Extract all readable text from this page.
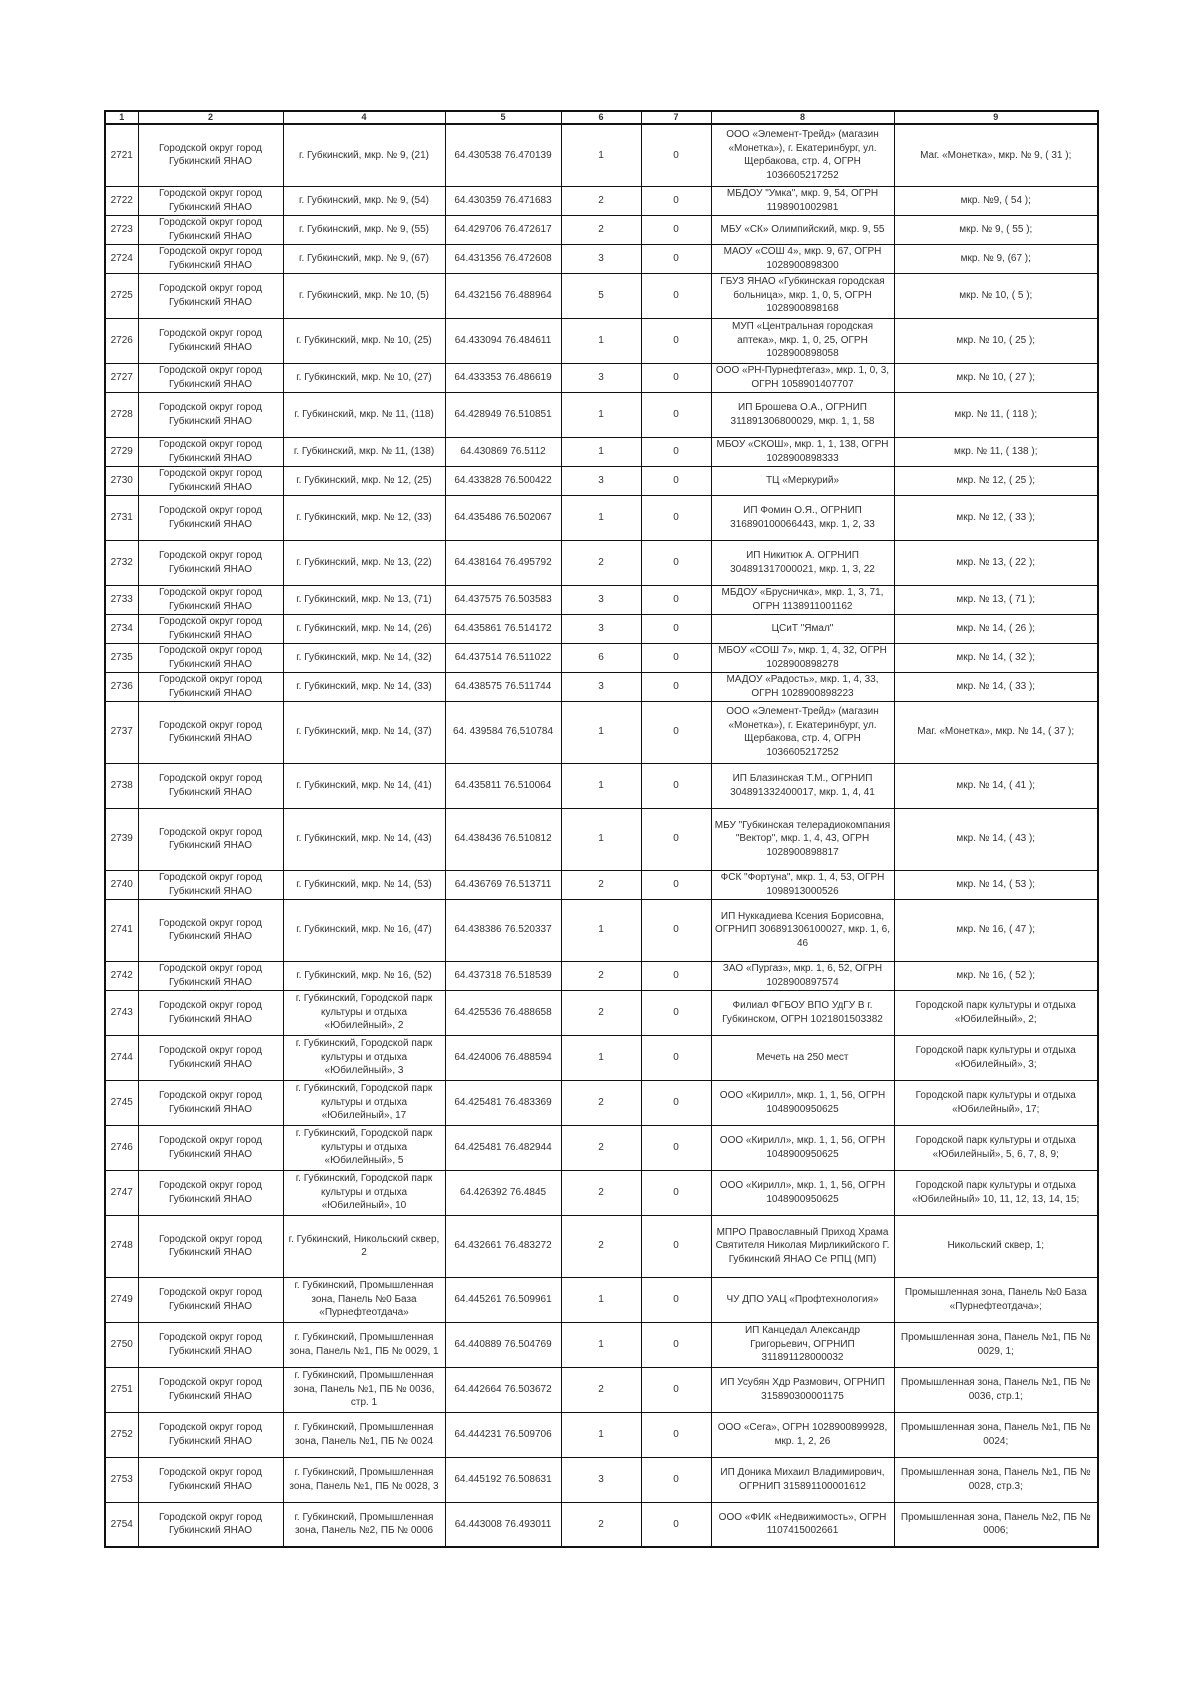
1	2	4	5	6	7	8	9
2721	Городской округ город Губкинский ЯНАО	г. Губкинский, мкр. № 9, (21)	64.430538 76.470139	1	0	ООО «Элемент-Трейд» (магазин «Монетка»), г. Екатеринбург, ул. Щербакова, стр. 4, ОГРН 1036605217252	Маг. «Монетка», мкр. № 9, ( 31 );
2722	Городской округ город Губкинский ЯНАО	г. Губкинский, мкр. № 9, (54)	64.430359 76.471683	2	0	МБДОУ "Умка", мкр. 9, 54, ОГРН 1198901002981	мкр. №9, ( 54 );
2723	Городской округ город Губкинский ЯНАО	г. Губкинский, мкр. № 9, (55)	64.429706 76.472617	2	0	МБУ «СК» Олимпийский, мкр. 9, 55	мкр. № 9, ( 55 );
2724	Городской округ город Губкинский ЯНАО	г. Губкинский, мкр. № 9, (67)	64.431356 76.472608	3	0	МАОУ «СОШ 4», мкр. 9, 67, ОГРН 1028900898300	мкр. № 9, (67 );
2725	Городской округ город Губкинский ЯНАО	г. Губкинский, мкр. № 10, (5)	64.432156 76.488964	5	0	ГБУЗ ЯНАО «Губкинская городская больница», мкр. 1, 0, 5, ОГРН 1028900898168	мкр. № 10, ( 5 );
2726	Городской округ город Губкинский ЯНАО	г. Губкинский, мкр. № 10, (25)	64.433094 76.484611	1	0	МУП «Центральная городская аптека», мкр. 1, 0, 25, ОГРН 1028900898058	мкр. № 10, ( 25 );
2727	Городской округ город Губкинский ЯНАО	г. Губкинский, мкр. № 10, (27)	64.433353 76.486619	3	0	ООО «РН-Пурнефтегаз», мкр. 1, 0, 3, ОГРН 1058901407707	мкр. № 10, ( 27 );
2728	Городской округ город Губкинский ЯНАО	г. Губкинский, мкр. № 11, (118)	64.428949 76.510851	1	0	ИП Брошева О.А., ОГРНИП 311891306800029, мкр. 1, 1, 58	мкр. № 11, ( 118 );
2729	Городской округ город Губкинский ЯНАО	г. Губкинский, мкр. № 11, (138)	64.430869 76.5112	1	0	МБОУ «СКОШ», мкр. 1, 1, 138, ОГРН 1028900898333	мкр. № 11, ( 138 );
2730	Городской округ город Губкинский ЯНАО	г. Губкинский, мкр. № 12, (25)	64.433828 76.500422	3	0	ТЦ «Меркурий»	мкр. № 12, ( 25 );
2731	Городской округ город Губкинский ЯНАО	г. Губкинский, мкр. № 12, (33)	64.435486 76.502067	1	0	ИП Фомин О.Я., ОГРНИП 316890100066443, мкр. 1, 2, 33	мкр. № 12, ( 33 );
2732	Городской округ город Губкинский ЯНАО	г. Губкинский, мкр. № 13, (22)	64.438164 76.495792	2	0	ИП Никитюк А. ОГРНИП 304891317000021, мкр. 1, 3, 22	мкр. № 13, ( 22 );
2733	Городской округ город Губкинский ЯНАО	г. Губкинский, мкр. № 13, (71)	64.437575 76.503583	3	0	МБДОУ «Брусничка», мкр. 1, 3, 71, ОГРН 1138911001162	мкр. № 13, ( 71 );
2734	Городской округ город Губкинский ЯНАО	г. Губкинский, мкр. № 14, (26)	64.435861 76.514172	3	0	ЦСиТ "Ямал"	мкр. № 14, ( 26 );
2735	Городской округ город Губкинский ЯНАО	г. Губкинский, мкр. № 14, (32)	64.437514 76.511022	6	0	МБОУ «СОШ 7», мкр. 1, 4, 32, ОГРН 1028900898278	мкр. № 14, ( 32 );
2736	Городской округ город Губкинский ЯНАО	г. Губкинский, мкр. № 14, (33)	64.438575 76.511744	3	0	МАДОУ «Радость», мкр. 1, 4, 33, ОГРН 1028900898223	мкр. № 14, ( 33 );
2737	Городской округ город Губкинский ЯНАО	г. Губкинский, мкр. № 14, (37)	64. 439584 76,510784	1	0	ООО «Элемент-Трейд» (магазин «Монетка»), г. Екатеринбург, ул. Щербакова, стр. 4, ОГРН 1036605217252	Маг. «Монетка», мкр. № 14, ( 37 );
2738	Городской округ город Губкинский ЯНАО	г. Губкинский, мкр. № 14, (41)	64.435811 76.510064	1	0	ИП Блазинская Т.М., ОГРНИП 304891332400017, мкр. 1, 4, 41	мкр. № 14, ( 41 );
2739	Городской округ город Губкинский ЯНАО	г. Губкинский, мкр. № 14, (43)	64.438436 76.510812	1	0	МБУ "Губкинская телерадиокомпания "Вектор", мкр. 1, 4, 43, ОГРН 1028900898817	мкр. № 14, ( 43 );
2740	Городской округ город Губкинский ЯНАО	г. Губкинский, мкр. № 14, (53)	64.436769 76.513711	2	0	ФСК "Фортуна", мкр. 1, 4, 53, ОГРН 1098913000526	мкр. № 14, ( 53 );
2741	Городской округ город Губкинский ЯНАО	г. Губкинский, мкр. № 16, (47)	64.438386 76.520337	1	0	ИП Нуккадиева Ксения Борисовна, ОГРНИП 306891306100027, мкр. 1, 6, 46	мкр. № 16, ( 47 );
2742	Городской округ город Губкинский ЯНАО	г. Губкинский, мкр. № 16, (52)	64.437318 76.518539	2	0	ЗАО «Пургаз», мкр. 1, 6, 52, ОГРН 1028900897574	мкр. № 16, ( 52 );
2743	Городской округ город Губкинский ЯНАО	г. Губкинский, Городской парк культуры и отдыха «Юбилейный», 2	64.425536 76.488658	2	0	Филиал ФГБОУ ВПО УдГУ В г. Губкинском, ОГРН 1021801503382	Городской парк культуры и отдыха «Юбилейный», 2;
2744	Городской округ город Губкинский ЯНАО	г. Губкинский, Городской парк культуры и отдыха «Юбилейный», 3	64.424006 76.488594	1	0	Мечеть на 250 мест	Городской парк культуры и отдыха «Юбилейный», 3;
2745	Городской округ город Губкинский ЯНАО	г. Губкинский, Городской парк культуры и отдыха «Юбилейный», 17	64.425481 76.483369	2	0	ООО «Кирилл», мкр. 1, 1, 56, ОГРН 1048900950625	Городской парк культуры и отдыха «Юбилейный», 17;
2746	Городской округ город Губкинский ЯНАО	г. Губкинский, Городской парк культуры и отдыха «Юбилейный», 5	64.425481 76.482944	2	0	ООО «Кирилл», мкр. 1, 1, 56, ОГРН 1048900950625	Городской парк культуры и отдыха «Юбилейный», 5, 6, 7, 8, 9;
2747	Городской округ город Губкинский ЯНАО	г. Губкинский, Городской парк культуры и отдыха «Юбилейный», 10	64.426392 76.4845	2	0	ООО «Кирилл», мкр. 1, 1, 56, ОГРН 1048900950625	Городской парк культуры и отдыха «Юбилейный» 10, 11, 12, 13, 14, 15;
2748	Городской округ город Губкинский ЯНАО	г. Губкинский, Никольский сквер, 2	64.432661 76.483272	2	0	МПРО Православный Приход Храма Святителя Николая Мирликийского Г. Губкинский ЯНАО Се РПЦ (МП)	Никольский сквер, 1;
2749	Городской округ город Губкинский ЯНАО	г. Губкинский, Промышленная зона, Панель №0 База «Пурнефтеотдача»	64.445261 76.509961	1	0	ЧУ ДПО УАЦ «Профтехнология»	Промышленная зона, Панель №0 База «Пурнефтеотдача»;
2750	Городской округ город Губкинский ЯНАО	г. Губкинский, Промышленная зона, Панель №1, ПБ № 0029, 1	64.440889 76.504769	1	0	ИП Канцедал Александр Григорьевич, ОГРНИП 311891128000032	Промышленная зона, Панель №1, ПБ № 0029, 1;
2751	Городской округ город Губкинский ЯНАО	г. Губкинский, Промышленная зона, Панель №1, ПБ № 0036, стр. 1	64.442664 76.503672	2	0	ИП Усубян Хдр Размович, ОГРНИП 315890300001175	Промышленная зона, Панель №1, ПБ № 0036, стр.1;
2752	Городской округ город Губкинский ЯНАО	г. Губкинский, Промышленная зона, Панель №1, ПБ № 0024	64.444231 76.509706	1	0	ООО «Сега», ОГРН 1028900899928, мкр. 1, 2, 26	Промышленная зона, Панель №1, ПБ № 0024;
2753	Городской округ город Губкинский ЯНАО	г. Губкинский, Промышленная зона, Панель №1, ПБ № 0028, 3	64.445192 76.508631	3	0	ИП Доника Михаил Владимирович, ОГРНИП 315891100001612	Промышленная зона, Панель №1, ПБ № 0028, стр.3;
2754	Городской округ город Губкинский ЯНАО	г. Губкинский, Промышленная зона, Панель №2, ПБ № 0006	64.443008 76.493011	2	0	ООО «ФИК «Недвижимость», ОГРН 1107415002661	Промышленная зона, Панель №2, ПБ № 0006;
